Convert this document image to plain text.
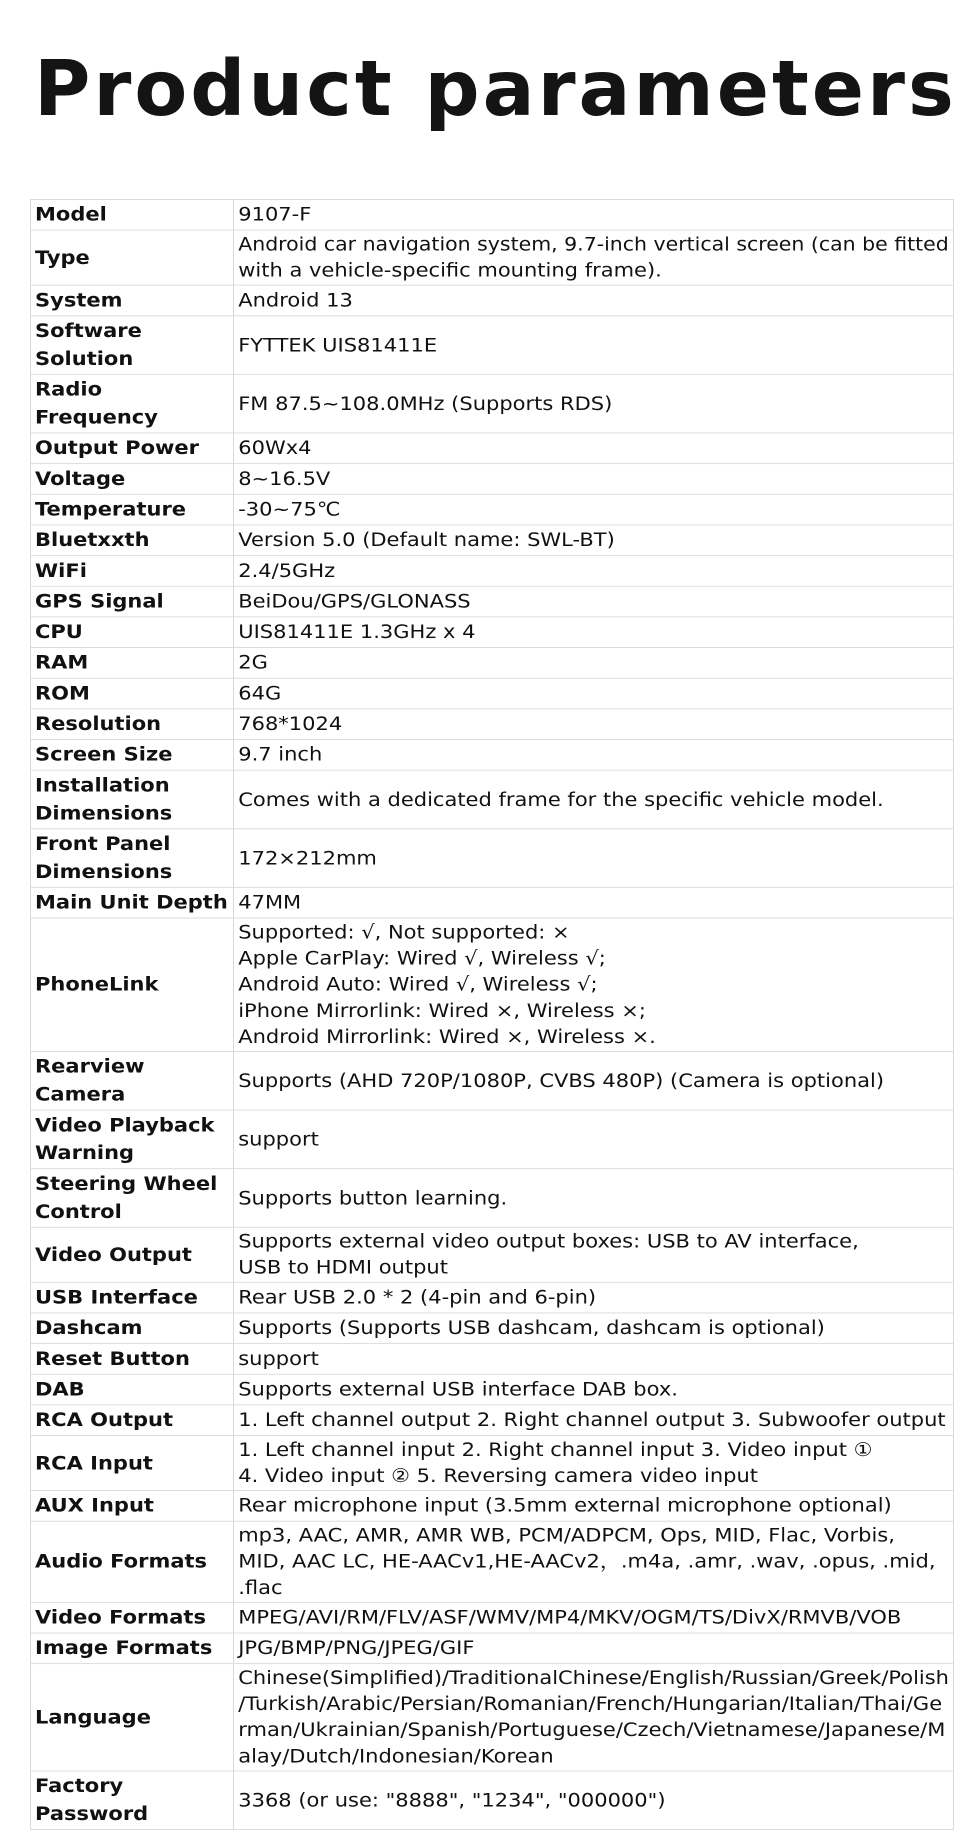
Product parameters
Model	9107-F

Type	Android car navigation system, 9.7-inch vertical screen (can be fitted
with a vehicle-specific mounting frame).

System	Android 13

Software Solution	FYTTEK UIS81411E

Radio Frequency	FM 87.5~108.0MHz (Supports RDS)

Output Power	60Wx4

Voltage	8~16.5V

Temperature	-30~75℃

Bluetxxth	Version 5.0 (Default name: SWL-BT)

WiFi	2.4/5GHz

GPS Signal	BeiDou/GPS/GLONASS

CPU	UIS81411E 1.3GHz x 4

RAM	2G

ROM	64G

Resolution	768*1024

Screen Size	9.7 inch

Installation Dimensions	Comes with a dedicated frame for the specific vehicle model.

Front Panel Dimensions	172×212mm

Main Unit Depth	47MM

PhoneLink	Supported: √, Not supported: ×
Apple CarPlay: Wired √, Wireless √;
Android Auto: Wired √, Wireless √;
iPhone Mirrorlink: Wired ×, Wireless ×;
Android Mirrorlink: Wired ×, Wireless ×.

Rearview Camera	Supports (AHD 720P/1080P, CVBS 480P) (Camera is optional)

Video Playback Warning	support

Steering Wheel Control	Supports button learning.

Video Output	Supports external video output boxes: USB to AV interface,
USB to HDMI output

USB Interface	Rear USB 2.0 * 2 (4-pin and 6-pin)

Dashcam	Supports (Supports USB dashcam, dashcam is optional)

Reset Button	support

DAB	Supports external USB interface DAB box.

RCA Output	1. Left channel output 2. Right channel output 3. Subwoofer output

RCA Input	1. Left channel input 2. Right channel input 3. Video input ①
4. Video input ② 5. Reversing camera video input

AUX Input	Rear microphone input (3.5mm external microphone optional)

Audio Formats	mp3, AAC, AMR, AMR WB, PCM/ADPCM, Ops, MID, Flac, Vorbis,
MID, AAC LC, HE-AACv1,HE-AACv2，.m4a, .amr, .wav, .opus, .mid,
.flac

Video Formats	MPEG/AVI/RM/FLV/ASF/WMV/MP4/MKV/OGM/TS/DivX/RMVB/VOB

Image Formats	JPG/BMP/PNG/JPEG/GIF

Language	Chinese(Simplified)/TraditionalChinese/English/Russian/Greek/Polish
/Turkish/Arabic/Persian/Romanian/French/Hungarian/Italian/Thai/Ge
rman/Ukrainian/Spanish/Portuguese/Czech/Vietnamese/Japanese/M
alay/Dutch/Indonesian/Korean

Factory Password	3368 (or use: "8888", "1234", "000000")
